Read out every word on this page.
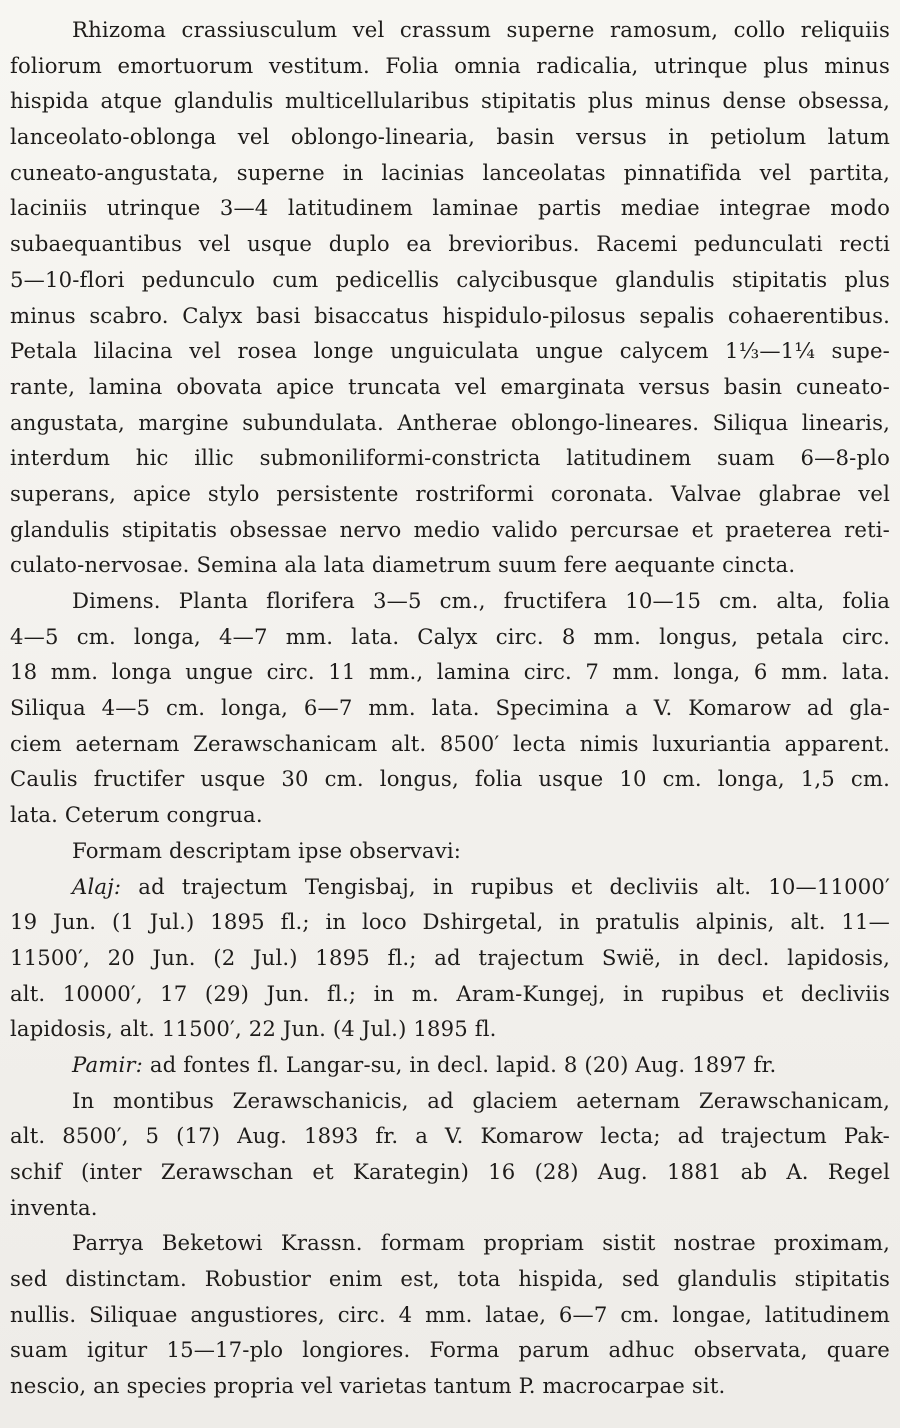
Rhizoma crassiusculum vel crassum superne ramosum, collo reliquiis
foliorum emortuorum vestitum. Folia omnia radicalia, utrinque plus minus
hispida atque glandulis multicellularibus stipitatis plus minus dense obsessa,
lanceolato-oblonga vel oblongo-linearia, basin versus in petiolum latum
cuneato-angustata, superne in lacinias lanceolatas pinnatifida vel partita,
laciniis utrinque 3—4 latitudinem laminae partis mediae integrae modo
subaequantibus vel usque duplo ea brevioribus. Racemi pedunculati recti
5—10-flori pedunculo cum pedicellis calycibusque glandulis stipitatis plus
minus scabro. Calyx basi bisaccatus hispidulo-pilosus sepalis cohaerentibus.
Petala lilacina vel rosea longe unguiculata ungue calycem 1⅓—1¼ supe-
rante, lamina obovata apice truncata vel emarginata versus basin cuneato-
angustata, margine subundulata. Antherae oblongo-lineares. Siliqua linearis,
interdum hic illic submoniliformi-constricta latitudinem suam 6—8-plo
superans, apice stylo persistente rostriformi coronata. Valvae glabrae vel
glandulis stipitatis obsessae nervo medio valido percursae et praeterea reti-
culato-nervosae. Semina ala lata diametrum suum fere aequante cincta.
Dimens. Planta florifera 3—5 cm., fructifera 10—15 cm. alta, folia
4—5 cm. longa, 4—7 mm. lata. Calyx circ. 8 mm. longus, petala circ.
18 mm. longa ungue circ. 11 mm., lamina circ. 7 mm. longa, 6 mm. lata.
Siliqua 4—5 cm. longa, 6—7 mm. lata. Specimina a V. Komarow ad gla-
ciem aeternam Zerawschanicam alt. 8500′ lecta nimis luxuriantia apparent.
Caulis fructifer usque 30 cm. longus, folia usque 10 cm. longa, 1,5 cm.
lata. Ceterum congrua.
Formam descriptam ipse observavi:
Alaj: ad trajectum Tengisbaj, in rupibus et decliviis alt. 10—11000′
19 Jun. (1 Jul.) 1895 fl.; in loco Dshirgetal, in pratulis alpinis, alt. 11—
11500′, 20 Jun. (2 Jul.) 1895 fl.; ad trajectum Swië, in decl. lapidosis,
alt. 10000′, 17 (29) Jun. fl.; in m. Aram-Kungej, in rupibus et decliviis
lapidosis, alt. 11500′, 22 Jun. (4 Jul.) 1895 fl.
Pamir: ad fontes fl. Langar-su, in decl. lapid. 8 (20) Aug. 1897 fr.
In montibus Zerawschanicis, ad glaciem aeternam Zerawschanicam,
alt. 8500′, 5 (17) Aug. 1893 fr. a V. Komarow lecta; ad trajectum Pak-
schif (inter Zerawschan et Karategin) 16 (28) Aug. 1881 ab A. Regel
inventa.
Parrya Beketowi Krassn. formam propriam sistit nostrae proximam,
sed distinctam. Robustior enim est, tota hispida, sed glandulis stipitatis
nullis. Siliquae angustiores, circ. 4 mm. latae, 6—7 cm. longae, latitudinem
suam igitur 15—17-plo longiores. Forma parum adhuc observata, quare
nescio, an species propria vel varietas tantum P. macrocarpae sit.
